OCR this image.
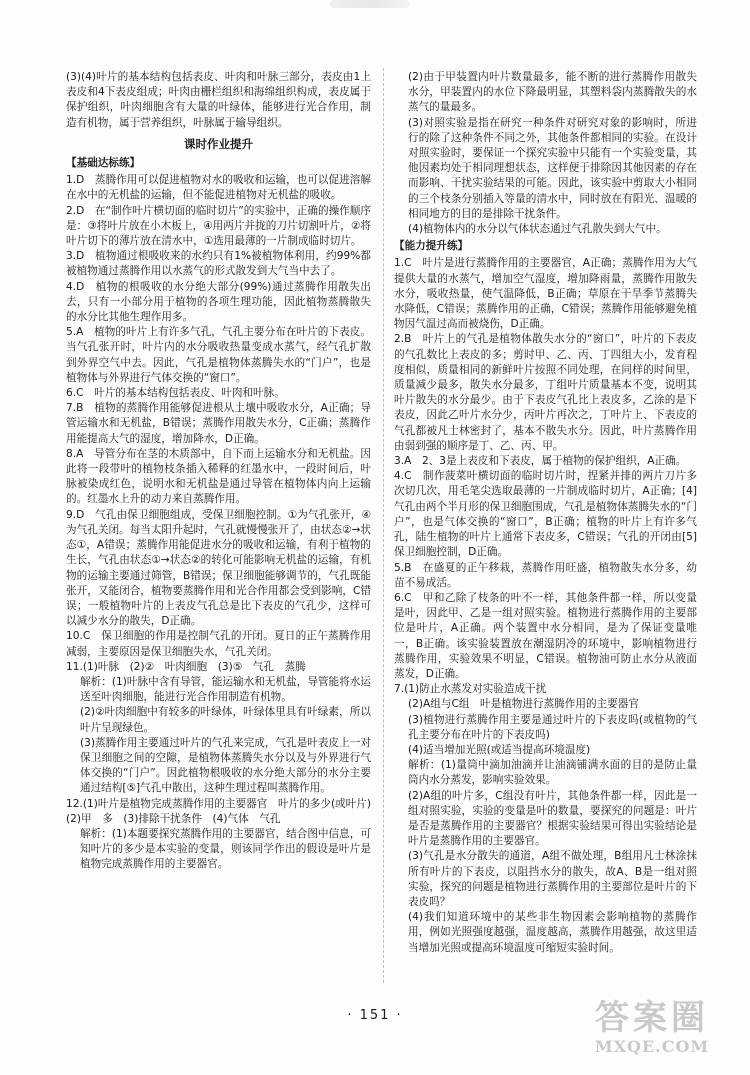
(3)(4)叶片的基本结构包括表皮、叶肉和叶脉三部分，表皮由1上表皮和4下表皮组成；叶肉由栅栏组织和海绵组织构成，表皮属于保护组织，叶肉细胞含有大量的叶绿体，能够进行光合作用，制造有机物，属于营养组织，叶脉属于输导组织。
课时作业提升
【基础达标练】
1.D　蒸腾作用可以促进植物对水的吸收和运输，也可以促进溶解在水中的无机盐的运输，但不能促进植物对无机盐的吸收。
2.D　在“制作叶片横切面的临时切片”的实验中，正确的操作顺序是：③将叶片放在小木板上，④用两片并拢的刀片切割叶片，②将叶片切下的薄片放在清水中，①选用最薄的一片制成临时切片。
3.D　植物通过根吸收来的水约只有1%被植物体利用，约99%都被植物通过蒸腾作用以水蒸气的形式散发到大气当中去了。
4.D　植物的根吸收的水分绝大部分(99%)通过蒸腾作用散失出去，只有一小部分用于植物的各项生理功能，因此植物蒸腾散失的水分比其他生理作用多。
5.A　植物的叶片上有许多气孔，气孔主要分布在叶片的下表皮。当气孔张开时，叶片内的水分吸收热量变成水蒸气，经气孔扩散到外界空气中去。因此，气孔是植物体蒸腾失水的“门户”，也是植物体与外界进行气体交换的“窗口”。
6.C　叶片的基本结构包括表皮、叶肉和叶脉。
7.B　植物的蒸腾作用能够促进根从土壤中吸收水分，A正确；导管运输水和无机盐，B错误；蒸腾作用散失水分，C正确；蒸腾作用能提高大气的湿度，增加降水，D正确。
8.A　导管分布在茎的木质部中，自下而上运输水分和无机盐。因此将一段带叶的植物枝条插入稀释的红墨水中，一段时间后，叶脉被染成红色，说明水和无机盐是通过导管在植物体内向上运输的。红墨水上升的动力来自蒸腾作用。
9.D　气孔由保卫细胞组成，受保卫细胞控制。①为气孔张开，④为气孔关闭。每当太阳升起时，气孔就慢慢张开了，由状态②→状态①，A错误；蒸腾作用能促进水分的吸收和运输，有利于植物的生长，气孔由状态①→状态②的转化可能影响无机盐的运输，有机物的运输主要通过筛管，B错误；保卫细胞能够调节的，气孔既能张开，又能闭合，植物要蒸腾作用和光合作用都会受到影响，C错误；一般植物叶片的上表皮气孔总是比下表皮的气孔少，这样可以减少水分的散失，D正确。
10.C　保卫细胞的作用是控制气孔的开闭。夏日的正午蒸腾作用减弱，主要原因是保卫细胞失水，气孔关闭。
11.(1)叶脉　(2)②　叶肉细胞　(3)⑤　气孔　蒸腾
解析：(1)叶脉中含有导管，能运输水和无机盐，导管能将水运送至叶肉细胞，能进行光合作用制造有机物。
(2)②叶肉细胞中有较多的叶绿体，叶绿体里具有叶绿素，所以叶片呈现绿色。
(3)蒸腾作用主要通过叶片的气孔来完成，气孔是叶表皮上一对保卫细胞之间的空隙，是植物体蒸腾失水分以及与外界进行气体交换的“门户”。因此植物根吸收的水分绝大部分的水分主要通过结构[⑤]气孔中散出，这种生理过程叫蒸腾作用。
12.(1)叶片是植物完成蒸腾作用的主要器官　叶片的多少(或叶片)　(2)甲　多　(3)排除干扰条件　(4)气体　气孔
解析：(1)本题要探究蒸腾作用的主要器官，结合图中信息，可知叶片的多少是本实验的变量，则该同学作出的假设是叶片是植物完成蒸腾作用的主要器官。
(2)由于甲装置内叶片数量最多，能不断的进行蒸腾作用散失水分，甲装置内的水位下降最明显，其塑料袋内蒸腾散失的水蒸气的量最多。
(3)对照实验是指在研究一种条件对研究对象的影响时，所进行的除了这种条件不同之外，其他条件都相同的实验。在设计对照实验时，要保证一个探究实验中只能有一个实验变量，其他因素均处于相同理想状态，这样便于排除因其他因素的存在而影响、干扰实验结果的可能。因此，该实验中剪取大小相同的三个枝条分别插入等量的清水中，同时放在有阳光、温暖的相同地方的目的是排除干扰条件。
(4)植物体内的水分以气体状态通过气孔散失到大气中。
【能力提升练】
1.C　叶片是进行蒸腾作用的主要器官，A正确；蒸腾作用为大气提供大量的水蒸气，增加空气湿度，增加降雨量，蒸腾作用散失水分，吸收热量，使气温降低，B正确；草原在干旱季节蒸腾失水降低，C错误；蒸腾作用的正确，C错误；蒸腾作用能够避免植物因气温过高而被烧伤，D正确。
2.B　叶片上的气孔是植物体散失水分的“窗口”，叶片的下表皮的气孔数比上表皮的多；剪时甲、乙、丙、丁四组大小，发育程度相似，质量相同的新鲜叶片按照不同处理，在同样的时间里，质量减少最多，散失水分最多，丁组叶片质量基本不变，说明其叶片散失的水分最少。由于下表皮气孔比上表皮多，乙涂的是下表皮，因此乙叶片水分少，丙叶片再次之，丁叶片上、下表皮的气孔都被凡士林密封了，基本不散失水分。因此，叶片蒸腾作用由弱到强的顺序是丁、乙、丙、甲。
3.A　2、3是上表皮和下表皮，属于植物的保护组织，A正确。
4.C　制作菠菜叶横切面的临时切片时，捏紧并排的两片刀片多次切几次，用毛笔尖选取最薄的一片制成临时切片，A正确；[4]气孔由两个半月形的保卫细胞围成，气孔是植物体蒸腾失水的“门户”，也是气体交换的“窗口”，B正确；植物的叶片上有许多气孔，陆生植物的叶片上通常下表皮多，C错误；气孔的开闭由[5]保卫细胞控制，D正确。
5.B　在盛夏的正午移栽，蒸腾作用旺盛，植物散失水分多，幼苗不易成活。
6.C　甲和乙除了枝条的叶不一样，其他条件都一样，所以变量是叶，因此甲、乙是一组对照实验。植物进行蒸腾作用的主要部位是叶片，A正确。两个装置中水分相同，是为了保证变量唯一，B正确。该实验装置放在潮湿阴冷的环境中，影响植物进行蒸腾作用，实验效果不明显，C错误。植物油可防止水分从液面蒸发，D正确。
7.(1)防止水蒸发对实验造成干扰
(2)A组与C组　叶是植物进行蒸腾作用的主要器官
(3)植物进行蒸腾作用主要是通过叶片的下表皮吗(或植物的气孔主要分布在叶片的下表皮吗)
(4)适当增加光照(或适当提高环境温度)
解析：(1)量筒中滴加油滴并让油滴铺满水面的目的是防止量筒内水分蒸发，影响实验效果。
(2)A组的叶片多，C组没有叶片，其他条件都一样，因此是一组对照实验，实验的变量是叶的数量，要探究的问题是：叶片是否是蒸腾作用的主要器官？根据实验结果可得出实验结论是叶片是蒸腾作用的主要器官。
(3)气孔是水分散失的通道，A组不做处理，B组用凡士林涂抹所有叶片的下表皮，以阻挡水分的散失，故A、B是一组对照实验，探究的问题是植物进行蒸腾作用的主要部位是叶片的下表皮吗？
(4)我们知道环境中的某些非生物因素会影响植物的蒸腾作用，例如光照强度越强，温度越高，蒸腾作用越强，故这里适当增加光照或提高环境温度可缩短实验时间。
· 151 ·	答案圈
MXQE.COM
